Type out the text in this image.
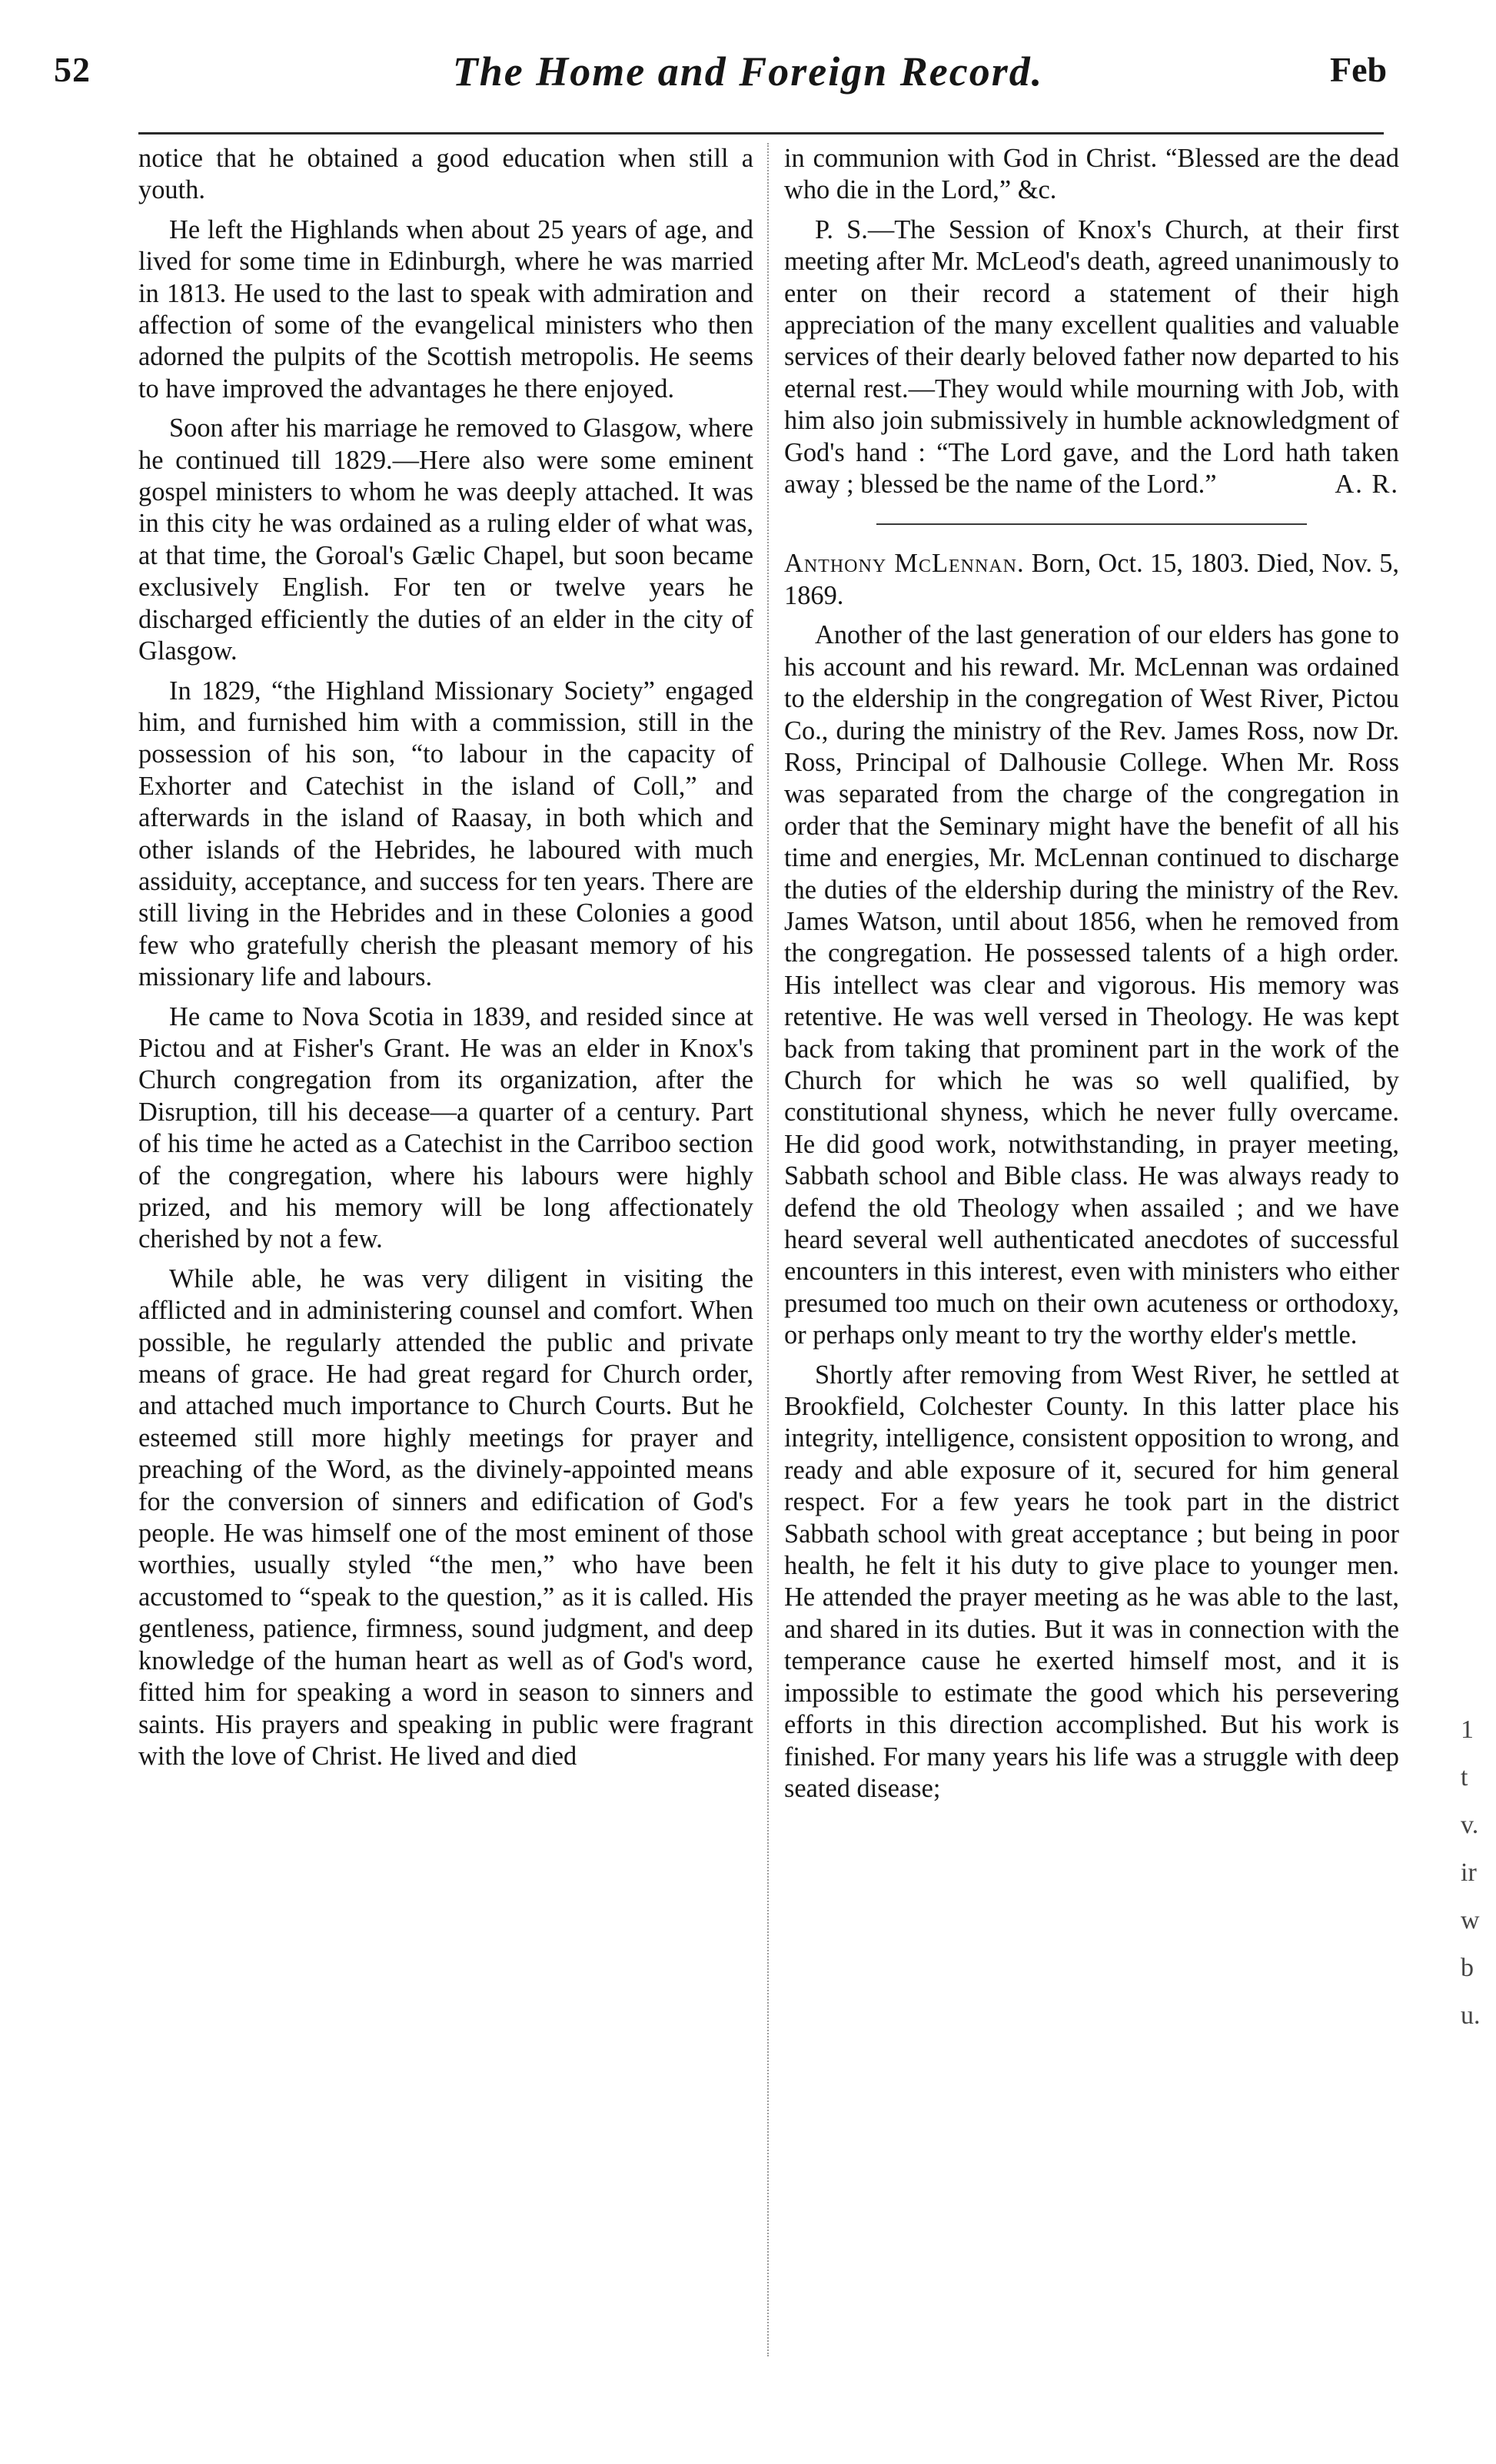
52	The Home and Foreign Record.	Feb

notice that he obtained a good education when still a youth.

He left the Highlands when about 25 years of age, and lived for some time in Edinburgh, where he was married in 1813. He used to the last to speak with admiration and affection of some of the evangelical ministers who then adorned the pulpits of the Scottish metropolis. He seems to have improved the advantages he there enjoyed.

Soon after his marriage he removed to Glasgow, where he continued till 1829.—Here also were some eminent gospel ministers to whom he was deeply attached. It was in this city he was ordained as a ruling elder of what was, at that time, the Goroal's Gælic Chapel, but soon became exclusively English. For ten or twelve years he discharged efficiently the duties of an elder in the city of Glasgow.

In 1829, “the Highland Missionary Society” engaged him, and furnished him with a commission, still in the possession of his son, “to labour in the capacity of Exhorter and Catechist in the island of Coll,” and afterwards in the island of Raasay, in both which and other islands of the Hebrides, he laboured with much assiduity, acceptance, and success for ten years. There are still living in the Hebrides and in these Colonies a good few who gratefully cherish the pleasant memory of his missionary life and labours.

He came to Nova Scotia in 1839, and resided since at Pictou and at Fisher's Grant. He was an elder in Knox's Church congregation from its organization, after the Disruption, till his decease—a quarter of a century. Part of his time he acted as a Catechist in the Carriboo section of the congregation, where his labours were highly prized, and his memory will be long affectionately cherished by not a few.

While able, he was very diligent in visiting the afflicted and in administering counsel and comfort. When possible, he regularly attended the public and private means of grace. He had great regard for Church order, and attached much importance to Church Courts. But he esteemed still more highly meetings for prayer and preaching of the Word, as the divinely-appointed means for the conversion of sinners and edification of God's people. He was himself one of the most eminent of those worthies, usually styled “the men,” who have been accustomed to “speak to the question,” as it is called. His gentleness, patience, firmness, sound judgment, and deep knowledge of the human heart as well as of God's word, fitted him for speaking a word in season to sinners and saints. His prayers and speaking in public were fragrant with the love of Christ. He lived and died

in communion with God in Christ. “Blessed are the dead who die in the Lord,” &c.

P. S.—The Session of Knox's Church, at their first meeting after Mr. McLeod's death, agreed unanimously to enter on their record a statement of their high appreciation of the many excellent qualities and valuable services of their dearly beloved father now departed to his eternal rest.—They would while mourning with Job, with him also join submissively in humble acknowledgment of God's hand : “The Lord gave, and the Lord hath taken away ; blessed be the name of the Lord.”	A. R.

Anthony McLennan. Born, Oct. 15, 1803. Died, Nov. 5, 1869.

Another of the last generation of our elders has gone to his account and his reward. Mr. McLennan was ordained to the eldership in the congregation of West River, Pictou Co., during the ministry of the Rev. James Ross, now Dr. Ross, Principal of Dalhousie College. When Mr. Ross was separated from the charge of the congregation in order that the Seminary might have the benefit of all his time and energies, Mr. McLennan continued to discharge the duties of the eldership during the ministry of the Rev. James Watson, until about 1856, when he removed from the congregation. He possessed talents of a high order. His intellect was clear and vigorous. His memory was retentive. He was well versed in Theology. He was kept back from taking that prominent part in the work of the Church for which he was so well qualified, by constitutional shyness, which he never fully overcame. He did good work, notwithstanding, in prayer meeting, Sabbath school and Bible class. He was always ready to defend the old Theology when assailed ; and we have heard several well authenticated anecdotes of successful encounters in this interest, even with ministers who either presumed too much on their own acuteness or orthodoxy, or perhaps only meant to try the worthy elder's mettle.

Shortly after removing from West River, he settled at Brookfield, Colchester County. In this latter place his integrity, intelligence, consistent opposition to wrong, and ready and able exposure of it, secured for him general respect. For a few years he took part in the district Sabbath school with great acceptance ; but being in poor health, he felt it his duty to give place to younger men. He attended the prayer meeting as he was able to the last, and shared in its duties. But it was in connection with the temperance cause he exerted himself most, and it is impossible to estimate the good which his persevering efforts in this direction accomplished. But his work is finished. For many years his life was a struggle with deep seated disease;

1
t
v.
ir
w
b
u.
